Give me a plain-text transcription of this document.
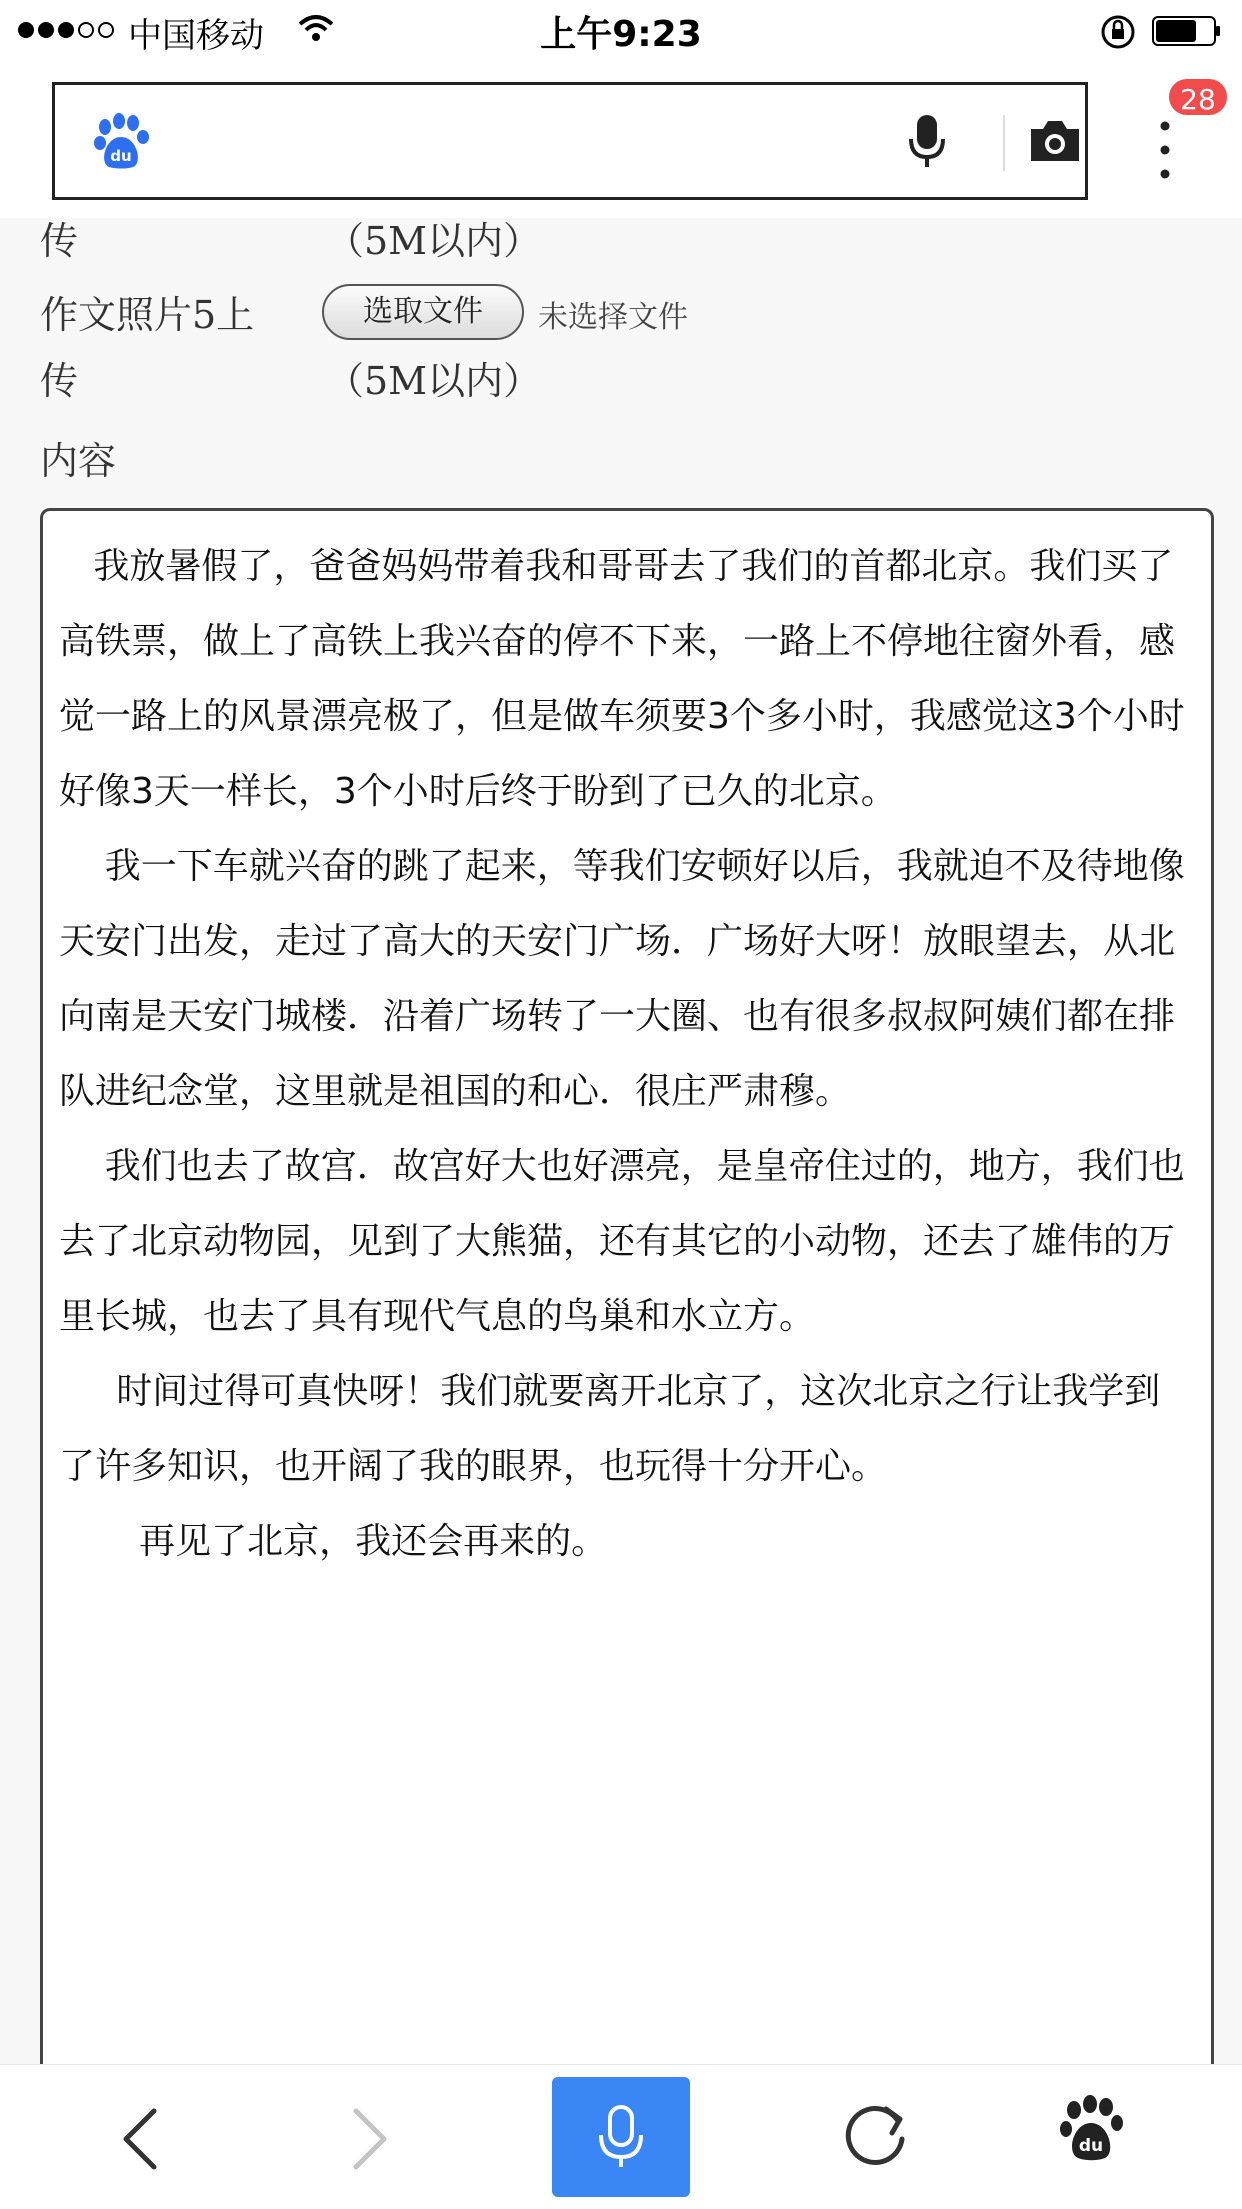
中国移动	上午9:23
du
28
传	（5M以内）
作文照片5上	选取文件	未选择文件
传	（5M以内）
内容

我放暑假了，爸爸妈妈带着我和哥哥去了我们的首都北京。我们买了高铁票，做上了高铁上我兴奋的停不下来，一路上不停地往窗外看，感觉一路上的风景漂亮极了，但是做车须要3个多小时，我感觉这3个小时好像3天一样长，3个小时后终于盼到了已久的北京。

我一下车就兴奋的跳了起来，等我们安顿好以后，我就迫不及待地像天安门出发，走过了高大的天安门广场．广场好大呀！放眼望去，从北向南是天安门城楼．沿着广场转了一大圈、也有很多叔叔阿姨们都在排队进纪念堂，这里就是祖国的和心．很庄严肃穆。

我们也去了故宫．故宫好大也好漂亮，是皇帝住过的，地方，我们也去了北京动物园，见到了大熊猫，还有其它的小动物，还去了雄伟的万里长城，也去了具有现代气息的鸟巢和水立方。

时间过得可真快呀！我们就要离开北京了，这次北京之行让我学到了许多知识，也开阔了我的眼界，也玩得十分开心。

再见了北京，我还会再来的。

du
